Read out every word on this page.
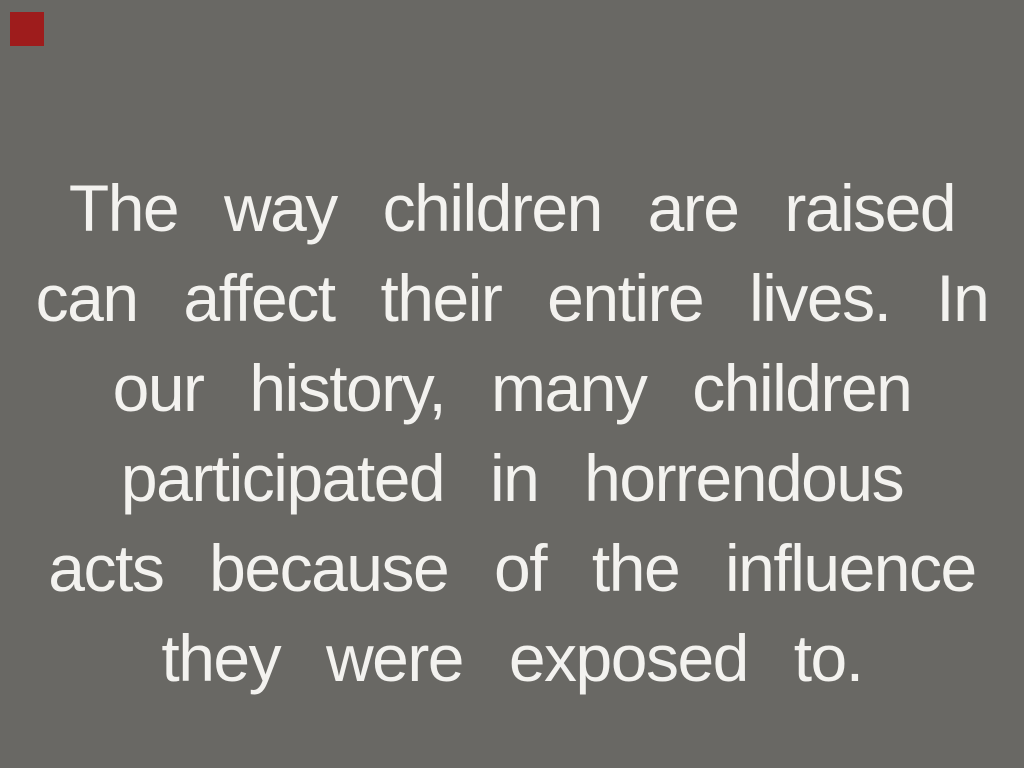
The way children are raised
can affect their entire lives. In
our history, many children
participated in horrendous
acts because of the influence
they were exposed to.
